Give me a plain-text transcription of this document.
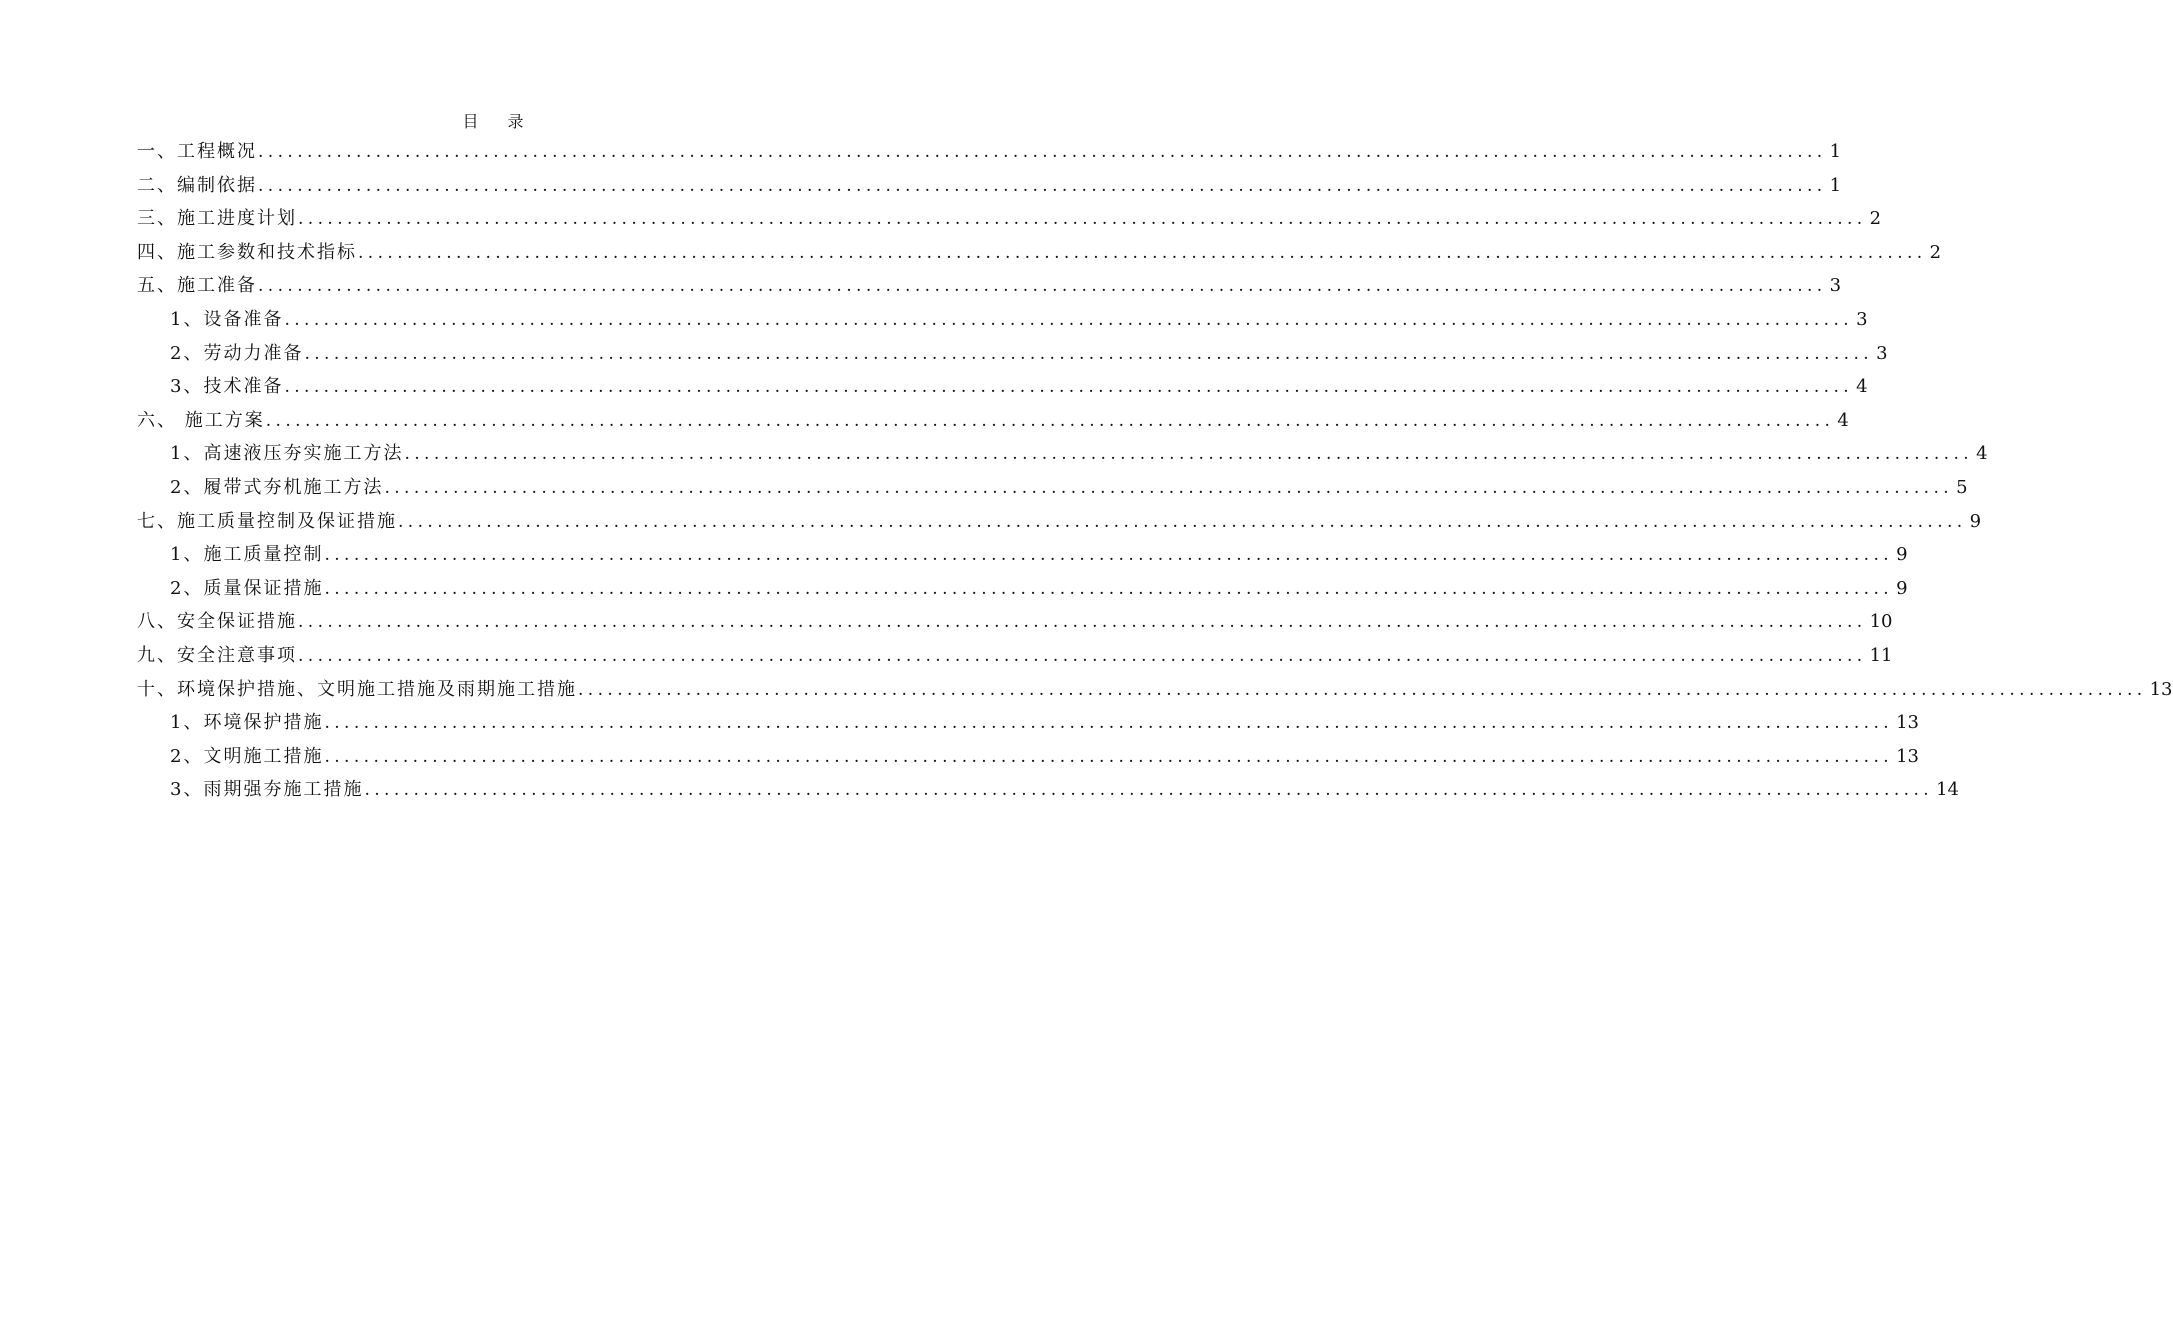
目 录
一、工程概况 ................................................................................................................................................................ 1
二、编制依据 ................................................................................................................................................................ 1
三、施工进度计划 ................................................................................................................................................................ 2
四、施工参数和技术指标 ................................................................................................................................................................ 2
五、施工准备 ................................................................................................................................................................ 3
1、设备准备 ................................................................................................................................................................ 3
2、劳动力准备 ................................................................................................................................................................ 3
3、技术准备 ................................................................................................................................................................ 4
六、 施工方案 ................................................................................................................................................................ 4
1、高速液压夯实施工方法 ................................................................................................................................................................ 4
2、履带式夯机施工方法 ................................................................................................................................................................ 5
七、施工质量控制及保证措施 ................................................................................................................................................................ 9
1、施工质量控制 ................................................................................................................................................................ 9
2、质量保证措施 ................................................................................................................................................................ 9
八、安全保证措施 ................................................................................................................................................................ 10
九、安全注意事项 ................................................................................................................................................................ 11
十、环境保护措施、文明施工措施及雨期施工措施 ................................................................................................................................................................ 13
1、环境保护措施 ................................................................................................................................................................ 13
2、文明施工措施 ................................................................................................................................................................ 13
3、雨期强夯施工措施 ................................................................................................................................................................ 14
